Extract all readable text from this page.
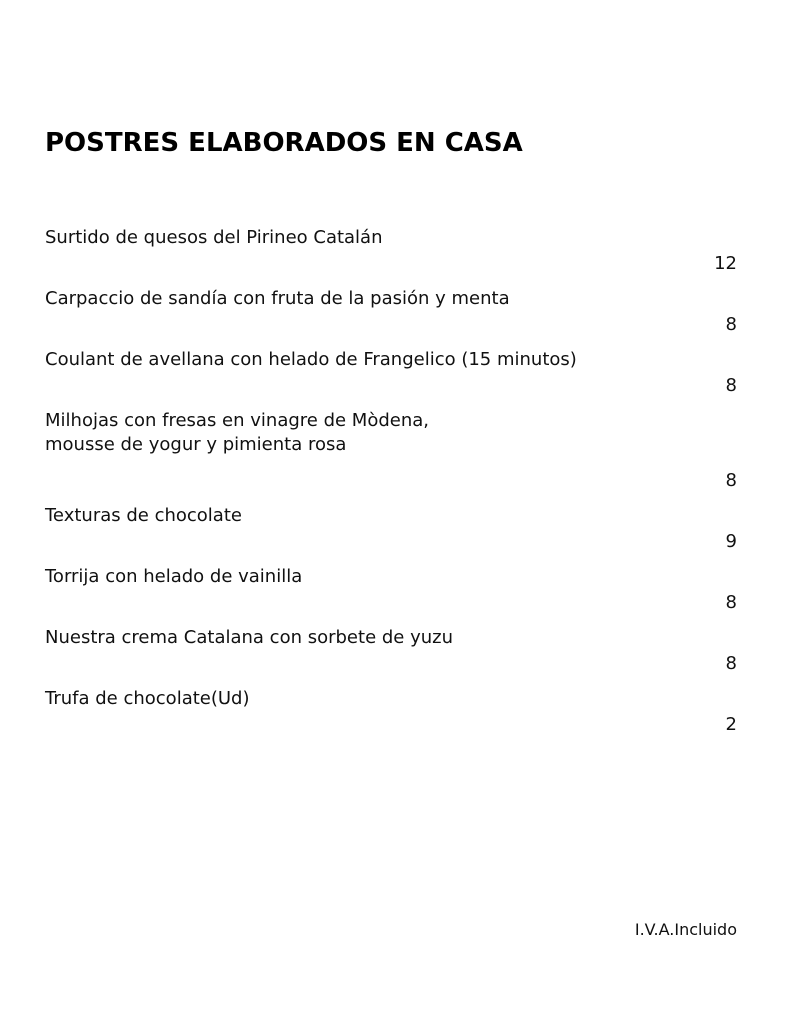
POSTRES ELABORADOS EN CASA
Surtido de quesos del Pirineo Catalán
12
Carpaccio de sandía con fruta de la pasión y menta
8
Coulant de avellana con helado de Frangelico (15 minutos)
8
Milhojas con fresas en vinagre de Mòdena,
mousse de yogur y pimienta rosa
8
Texturas de chocolate
9
Torrija con helado de vainilla
8
Nuestra crema Catalana con sorbete de yuzu
8
Trufa de chocolate(Ud)
2
I.V.A.Incluido
